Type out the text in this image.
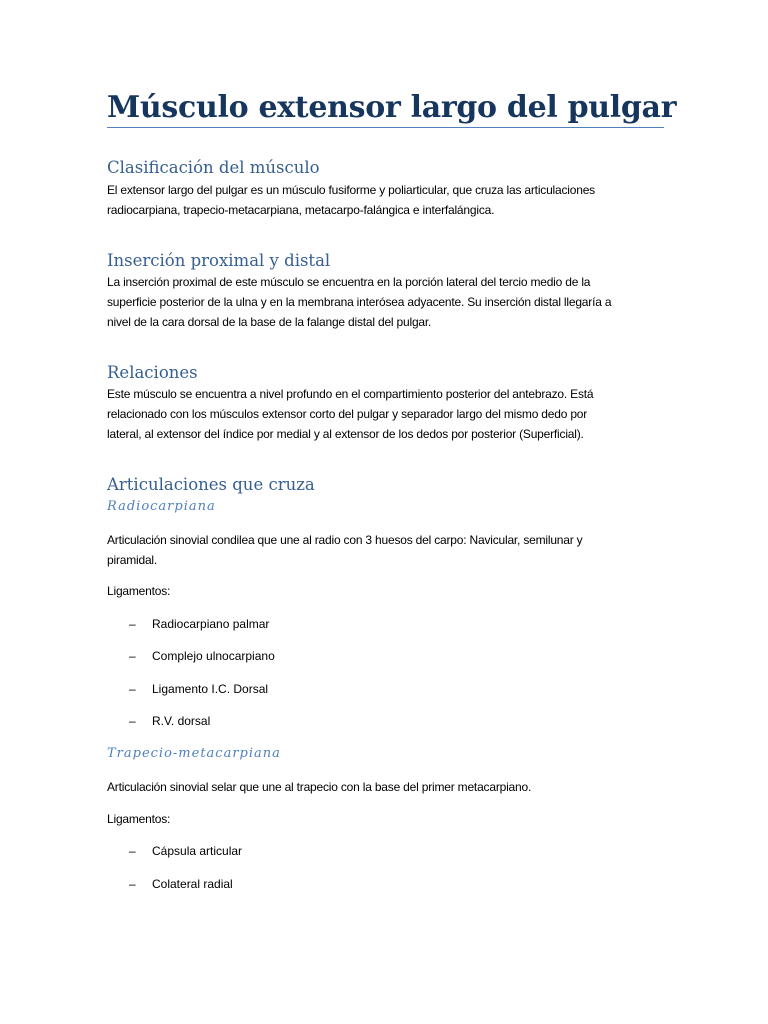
Músculo extensor largo del pulgar
Clasificación del músculo
El extensor largo del pulgar es un músculo fusiforme y poliarticular, que cruza las articulaciones
radiocarpiana, trapecio-metacarpiana, metacarpo-falángica e interfalángica.
Inserción proximal y distal
La inserción proximal de este músculo se encuentra en la porción lateral del tercio medio de la
superficie posterior de la ulna y en la membrana interósea adyacente. Su inserción distal llegaría a
nivel de la cara dorsal de la base de la falange distal del pulgar.
Relaciones
Este músculo se encuentra a nivel profundo en el compartimiento posterior del antebrazo. Está
relacionado con los músculos extensor corto del pulgar y separador largo del mismo dedo por
lateral, al extensor del índice por medial y al extensor de los dedos por posterior (Superficial).
Articulaciones que cruza
Radiocarpiana
Articulación sinovial condilea que une al radio con 3 huesos del carpo: Navicular, semilunar y
piramidal.
Ligamentos:
– Radiocarpiano palmar
– Complejo ulnocarpiano
– Ligamento I.C. Dorsal
– R.V. dorsal
Trapecio-metacarpiana
Articulación sinovial selar que une al trapecio con la base del primer metacarpiano.
Ligamentos:
– Cápsula articular
– Colateral radial
